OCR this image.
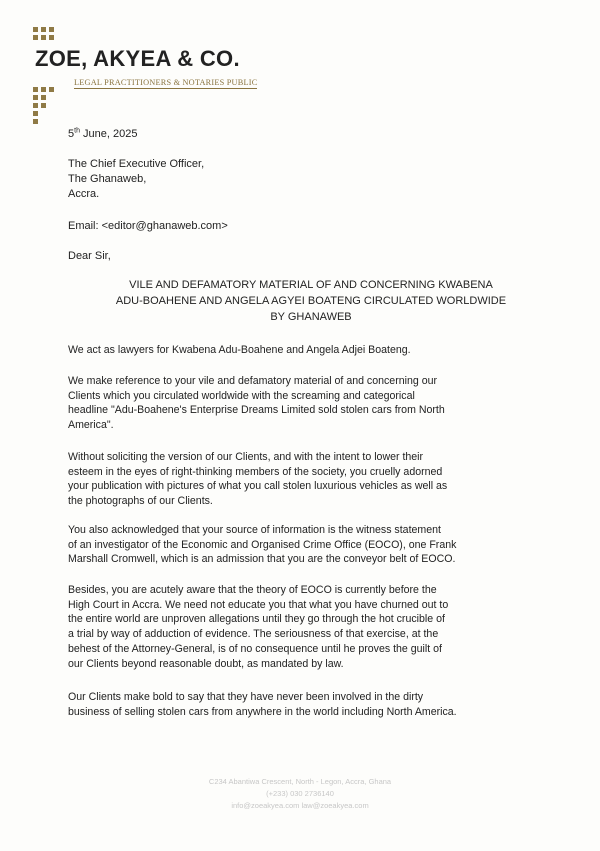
ZOE, AKYEA & CO.
LEGAL PRACTITIONERS & NOTARIES PUBLIC
5th June, 2025
The Chief Executive Officer,
The Ghanaweb,
Accra.
Email: <editor@ghanaweb.com>
Dear Sir,
VILE AND DEFAMATORY MATERIAL OF AND CONCERNING KWABENA
ADU-BOAHENE AND ANGELA AGYEI BOATENG CIRCULATED WORLDWIDE
BY GHANAWEB
We act as lawyers for Kwabena Adu-Boahene and Angela Adjei Boateng.
We make reference to your vile and defamatory material of and concerning our
Clients which you circulated worldwide with the screaming and categorical
headline "Adu-Boahene's Enterprise Dreams Limited sold stolen cars from North
America".
Without soliciting the version of our Clients, and with the intent to lower their
esteem in the eyes of right-thinking members of the society, you cruelly adorned
your publication with pictures of what you call stolen luxurious vehicles as well as
the photographs of our Clients.
You also acknowledged that your source of information is the witness statement
of an investigator of the Economic and Organised Crime Office (EOCO), one Frank
Marshall Cromwell, which is an admission that you are the conveyor belt of EOCO.
Besides, you are acutely aware that the theory of EOCO is currently before the
High Court in Accra. We need not educate you that what you have churned out to
the entire world are unproven allegations until they go through the hot crucible of
a trial by way of adduction of evidence. The seriousness of that exercise, at the
behest of the Attorney-General, is of no consequence until he proves the guilt of
our Clients beyond reasonable doubt, as mandated by law.
Our Clients make bold to say that they have never been involved in the dirty
business of selling stolen cars from anywhere in the world including North America.
C234 Abantiwa Crescent, North - Legon, Accra, Ghana
(+233) 030 2736140
info@zoeakyea.com law@zoeakyea.com
